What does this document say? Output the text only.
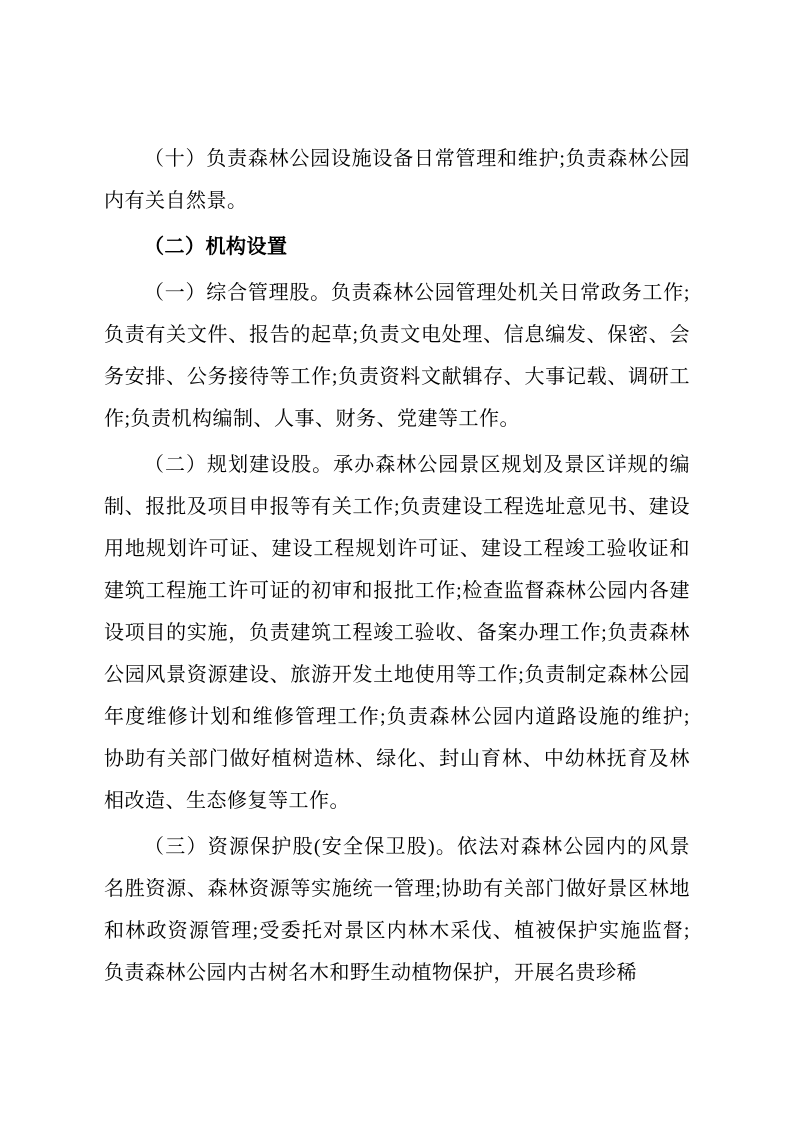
（十）负责森林公园设施设备日常管理和维护;负责森林公园内有关自然景。

（二）机构设置

（一）综合管理股。负责森林公园管理处机关日常政务工作;负责有关文件、报告的起草;负责文电处理、信息编发、保密、会务安排、公务接待等工作;负责资料文献辑存、大事记载、调研工作;负责机构编制、人事、财务、党建等工作。

（二）规划建设股。承办森林公园景区规划及景区详规的编制、报批及项目申报等有关工作;负责建设工程选址意见书、建设用地规划许可证、建设工程规划许可证、建设工程竣工验收证和建筑工程施工许可证的初审和报批工作;检查监督森林公园内各建设项目的实施，负责建筑工程竣工验收、备案办理工作;负责森林公园风景资源建设、旅游开发土地使用等工作;负责制定森林公园年度维修计划和维修管理工作;负责森林公园内道路设施的维护;协助有关部门做好植树造林、绿化、封山育林、中幼林抚育及林相改造、生态修复等工作。

（三）资源保护股(安全保卫股)。依法对森林公园内的风景名胜资源、森林资源等实施统一管理;协助有关部门做好景区林地和林政资源管理;受委托对景区内林木采伐、植被保护实施监督;负责森林公园内古树名木和野生动植物保护，开展名贵珍稀
